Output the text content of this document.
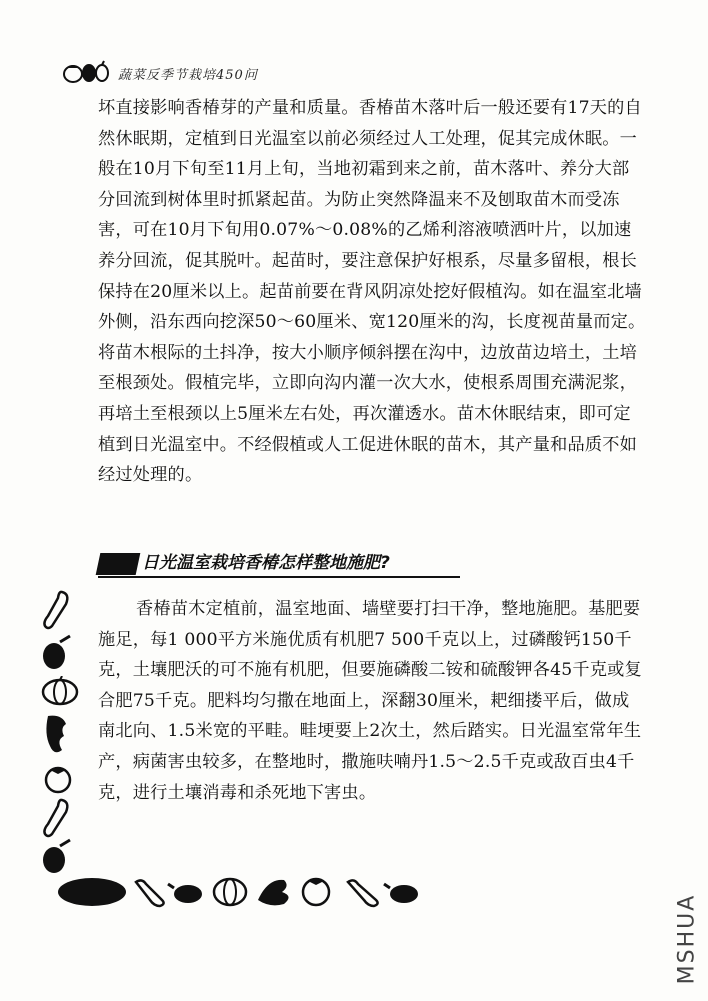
蔬菜反季节栽培450问
坏直接影响香椿芽的产量和质量。香椿苗木落叶后一般还要有17天的自然休眠期，定植到日光温室以前必须经过人工处理，促其完成休眠。一般在10月下旬至11月上旬，当地初霜到来之前，苗木落叶、养分大部分回流到树体里时抓紧起苗。为防止突然降温来不及刨取苗木而受冻害，可在10月下旬用0.07%～0.08%的乙烯利溶液喷洒叶片，以加速养分回流，促其脱叶。起苗时，要注意保护好根系，尽量多留根，根长保持在20厘米以上。起苗前要在背风阴凉处挖好假植沟。如在温室北墙外侧，沿东西向挖深50～60厘米、宽120厘米的沟，长度视苗量而定。将苗木根际的土抖净，按大小顺序倾斜摆在沟中，边放苗边培土，土培至根颈处。假植完毕，立即向沟内灌一次大水，使根系周围充满泥浆，再培土至根颈以上5厘米左右处，再次灌透水。苗木休眠结束，即可定植到日光温室中。不经假植或人工促进休眠的苗木，其产量和品质不如经过处理的。
日光温室栽培香椿怎样整地施肥?
香椿苗木定植前，温室地面、墙壁要打扫干净，整地施肥。基肥要施足，每1 000平方米施优质有机肥7 500千克以上，过磷酸钙150千克，土壤肥沃的可不施有机肥，但要施磷酸二铵和硫酸钾各45千克或复合肥75千克。肥料均匀撒在地面上，深翻30厘米，耙细搂平后，做成南北向、1.5米宽的平畦。畦埂要上2次土，然后踏实。日光温室常年生产，病菌害虫较多，在整地时，撒施呋喃丹1.5～2.5千克或敌百虫4千克，进行土壤消毒和杀死地下害虫。
MSHUA
